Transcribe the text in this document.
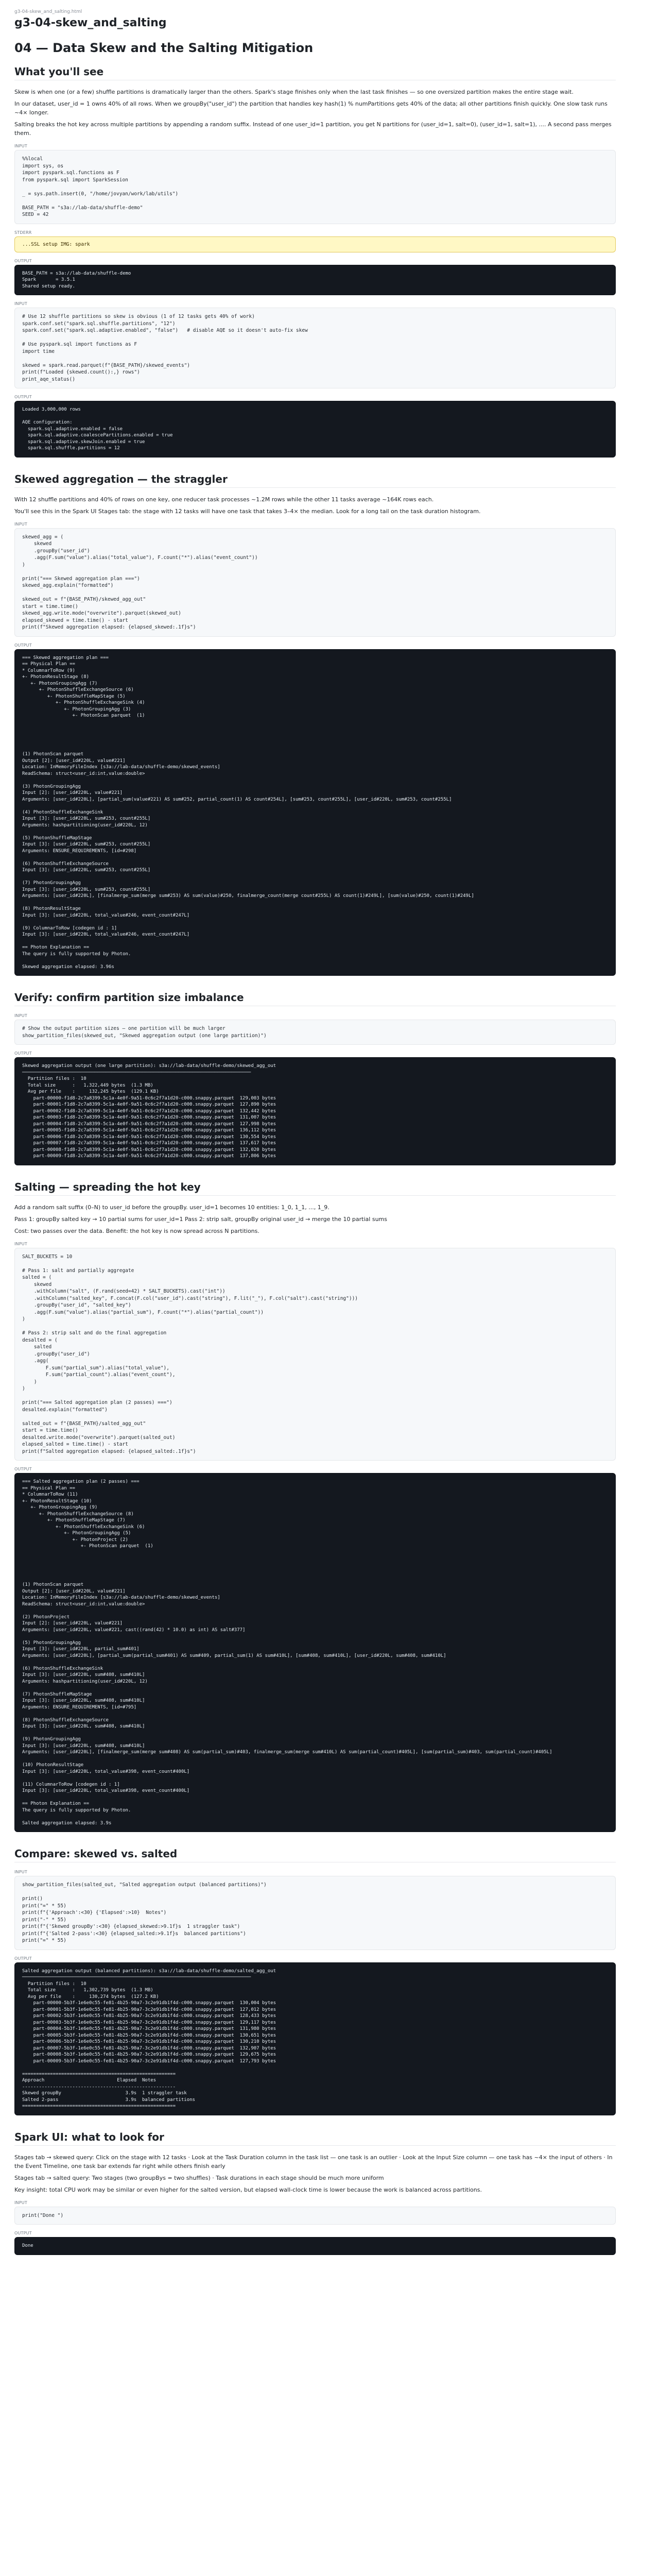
g3-04-skew_and_salting.html
g3-04-skew_and_salting
04 — Data Skew and the Salting Mitigation
What you'll see

Skew is when one (or a few) shuffle partitions is dramatically larger than the others. Spark's stage finishes only when the last task finishes — so one oversized partition makes the entire stage wait.

In our dataset, user_id = 1 owns 40% of all rows. When we groupBy("user_id") the partition that handles key hash(1) % numPartitions gets 40% of the data; all other partitions finish quickly. One slow task runs ~4× longer.

Salting breaks the hot key across multiple partitions by appending a random suffix. Instead of one user_id=1 partition, you get N partitions for (user_id=1, salt=0), (user_id=1, salt=1), .... A second pass merges them.

INPUT
%%local
import sys, os
import pyspark.sql.functions as F
from pyspark.sql import SparkSession

_ = sys.path.insert(0, "/home/jovyan/work/lab/utils")

BASE_PATH = "s3a://lab-data/shuffle-demo"
SEED = 42
STDERR
...SSL setup IMG: spark
OUTPUT
BASE_PATH = s3a://lab-data/shuffle-demo
Spark       = 3.5.1
Shared setup ready.
INPUT
# Use 12 shuffle partitions so skew is obvious (1 of 12 tasks gets 40% of work)
spark.conf.set("spark.sql.shuffle.partitions", "12")
spark.conf.set("spark.sql.adaptive.enabled", "false")   # disable AQE so it doesn't auto-fix skew

# Use pyspark.sql import functions as F
import time

skewed = spark.read.parquet(f"{BASE_PATH}/skewed_events")
print(f"Loaded {skewed.count():,} rows")
print_aqe_status()
OUTPUT
Loaded 3,000,000 rows

AQE configuration:
spark.sql.adaptive.enabled = false
spark.sql.adaptive.coalescePartitions.enabled = true
spark.sql.adaptive.skewJoin.enabled = true
spark.sql.shuffle.partitions = 12
Skewed aggregation — the straggler

With 12 shuffle partitions and 40% of rows on one key, one reducer task processes ~1.2M rows while the other 11 tasks average ~164K rows each.

You'll see this in the Spark UI Stages tab: the stage with 12 tasks will have one task that takes 3–4× the median. Look for a long tail on the task duration histogram.

INPUT
skewed_agg = (
skewed
.groupBy("user_id")
.agg(F.sum("value").alias("total_value"), F.count("*").alias("event_count"))
)

print("=== Skewed aggregation plan ===")
skewed_agg.explain("formatted")

skewed_out = f"{BASE_PATH}/skewed_agg_out"
start = time.time()
skewed_agg.write.mode("overwrite").parquet(skewed_out)
elapsed_skewed = time.time() - start
print(f"Skewed aggregation elapsed: {elapsed_skewed:.1f}s")
OUTPUT
=== Skewed aggregation plan ===
== Physical Plan ==
* ColumnarToRow (9)
+- PhotonResultStage (8)
+- PhotonGroupingAgg (7)
+- PhotonShuffleExchangeSource (6)
+- PhotonShuffleMapStage (5)
+- PhotonShuffleExchangeSink (4)
+- PhotonGroupingAgg (3)
+- PhotonScan parquet  (1)

(1) PhotonScan parquet
Output [2]: [user_id#220L, value#221]
Location: InMemoryFileIndex [s3a://lab-data/shuffle-demo/skewed_events]
ReadSchema: struct<user_id:int,value:double>

(3) PhotonGroupingAgg
Input [2]: [user_id#220L, value#221]
Arguments: [user_id#220L], [partial_sum(value#221) AS sum#252, partial_count(1) AS count#254L], [sum#253, count#255L], [user_id#220L, sum#253, count#255L]

(4) PhotonShuffleExchangeSink
Input [3]: [user_id#220L, sum#253, count#255L]
Arguments: hashpartitioning(user_id#220L, 12)

(5) PhotonShuffleMapStage
Input [3]: [user_id#220L, sum#253, count#255L]
Arguments: ENSURE_REQUIREMENTS, [id=#298]

(6) PhotonShuffleExchangeSource
Input [3]: [user_id#220L, sum#253, count#255L]

(7) PhotonGroupingAgg
Input [3]: [user_id#220L, sum#253, count#255L]
Arguments: [user_id#220L], [finalmerge_sum(merge sum#253) AS sum(value)#250, finalmerge_count(merge count#255L) AS count(1)#249L], [sum(value)#250, count(1)#249L]

(8) PhotonResultStage
Input [3]: [user_id#220L, total_value#246, event_count#247L]

(9) ColumnarToRow [codegen id : 1]
Input [3]: [user_id#220L, total_value#246, event_count#247L]

== Photon Explanation ==
The query is fully supported by Photon.

Skewed aggregation elapsed: 3.96s
Verify: confirm partition size imbalance
INPUT
# Show the output partition sizes — one partition will be much larger
show_partition_files(skewed_out, "Skewed aggregation output (one large partition)")
OUTPUT
Skewed aggregation output (one large partition): s3a://lab-data/shuffle-demo/skewed_agg_out
──────────────────────────────────────────────────────────────────────────────────
Partition files :  10
Total size      :   1,322,449 bytes  (1.3 MB)
Avg per file    :     132,245 bytes  (129.1 KB)
part-00000-f1d8-2c7a8399-5c1a-4e0f-9a51-0c6c2f7a1d20-c000.snappy.parquet  129,003 bytes
part-00001-f1d8-2c7a8399-5c1a-4e0f-9a51-0c6c2f7a1d20-c000.snappy.parquet  127,890 bytes
part-00002-f1d8-2c7a8399-5c1a-4e0f-9a51-0c6c2f7a1d20-c000.snappy.parquet  132,442 bytes
part-00003-f1d8-2c7a8399-5c1a-4e0f-9a51-0c6c2f7a1d20-c000.snappy.parquet  131,007 bytes
part-00004-f1d8-2c7a8399-5c1a-4e0f-9a51-0c6c2f7a1d20-c000.snappy.parquet  127,998 bytes
part-00005-f1d8-2c7a8399-5c1a-4e0f-9a51-0c6c2f7a1d20-c000.snappy.parquet  136,112 bytes
part-00006-f1d8-2c7a8399-5c1a-4e0f-9a51-0c6c2f7a1d20-c000.snappy.parquet  130,554 bytes
part-00007-f1d8-2c7a8399-5c1a-4e0f-9a51-0c6c2f7a1d20-c000.snappy.parquet  137,617 bytes
part-00008-f1d8-2c7a8399-5c1a-4e0f-9a51-0c6c2f7a1d20-c000.snappy.parquet  132,020 bytes
part-00009-f1d8-2c7a8399-5c1a-4e0f-9a51-0c6c2f7a1d20-c000.snappy.parquet  137,806 bytes
Salting — spreading the hot key

Add a random salt suffix (0–N) to user_id before the groupBy. user_id=1 becomes 10 entities: 1_0, 1_1, ..., 1_9.

Pass 1: groupBy salted key → 10 partial sums for user_id=1 Pass 2: strip salt, groupBy original user_id → merge the 10 partial sums

Cost: two passes over the data. Benefit: the hot key is now spread across N partitions.

INPUT
SALT_BUCKETS = 10

# Pass 1: salt and partially aggregate
salted = (
skewed
.withColumn("salt", (F.rand(seed=42) * SALT_BUCKETS).cast("int"))
.withColumn("salted_key", F.concat(F.col("user_id").cast("string"), F.lit("_"), F.col("salt").cast("string")))
.groupBy("user_id", "salted_key")
.agg(F.sum("value").alias("partial_sum"), F.count("*").alias("partial_count"))
)

# Pass 2: strip salt and do the final aggregation
desalted = (
salted
.groupBy("user_id")
.agg(
F.sum("partial_sum").alias("total_value"),
F.sum("partial_count").alias("event_count"),
)
)

print("=== Salted aggregation plan (2 passes) ===")
desalted.explain("formatted")

salted_out = f"{BASE_PATH}/salted_agg_out"
start = time.time()
desalted.write.mode("overwrite").parquet(salted_out)
elapsed_salted = time.time() - start
print(f"Salted aggregation elapsed: {elapsed_salted:.1f}s")
OUTPUT
=== Salted aggregation plan (2 passes) ===
== Physical Plan ==
* ColumnarToRow (11)
+- PhotonResultStage (10)
+- PhotonGroupingAgg (9)
+- PhotonShuffleExchangeSource (8)
+- PhotonShuffleMapStage (7)
+- PhotonShuffleExchangeSink (6)
+- PhotonGroupingAgg (5)
+- PhotonProject (2)
+- PhotonScan parquet  (1)

(1) PhotonScan parquet
Output [2]: [user_id#220L, value#221]
Location: InMemoryFileIndex [s3a://lab-data/shuffle-demo/skewed_events]
ReadSchema: struct<user_id:int,value:double>

(2) PhotonProject
Input [2]: [user_id#220L, value#221]
Arguments: [user_id#220L, value#221, cast((rand(42) * 10.0) as int) AS salt#377]

(5) PhotonGroupingAgg
Input [3]: [user_id#220L, partial_sum#401]
Arguments: [user_id#220L], [partial_sum(partial_sum#401) AS sum#409, partial_sum(1) AS sum#410L], [sum#408, sum#410L], [user_id#220L, sum#408, sum#410L]

(6) PhotonShuffleExchangeSink
Input [3]: [user_id#220L, sum#408, sum#410L]
Arguments: hashpartitioning(user_id#220L, 12)

(7) PhotonShuffleMapStage
Input [3]: [user_id#220L, sum#408, sum#410L]
Arguments: ENSURE_REQUIREMENTS, [id=#795]

(8) PhotonShuffleExchangeSource
Input [3]: [user_id#220L, sum#408, sum#410L]

(9) PhotonGroupingAgg
Input [3]: [user_id#220L, sum#408, sum#410L]
Arguments: [user_id#220L], [finalmerge_sum(merge sum#408) AS sum(partial_sum)#403, finalmerge_sum(merge sum#410L) AS sum(partial_count)#405L], [sum(partial_sum)#403, sum(partial_count)#405L]

(10) PhotonResultStage
Input [3]: [user_id#220L, total_value#398, event_count#400L]

(11) ColumnarToRow [codegen id : 1]
Input [3]: [user_id#220L, total_value#398, event_count#400L]

== Photon Explanation ==
The query is fully supported by Photon.

Salted aggregation elapsed: 3.9s
Compare: skewed vs. salted
INPUT
show_partition_files(salted_out, "Salted aggregation output (balanced partitions)")

print()
print("=" * 55)
print(f"{'Approach':<30} {'Elapsed':>10}  Notes")
print("-" * 55)
print(f"{'Skewed groupBy':<30} {elapsed_skewed:>9.1f}s  1 straggler task")
print(f"{'Salted 2-pass':<30} {elapsed_salted:>9.1f}s  balanced partitions")
print("=" * 55)
OUTPUT
Salted aggregation output (balanced partitions): s3a://lab-data/shuffle-demo/salted_agg_out
──────────────────────────────────────────────────────────────────────────────────
Partition files :  10
Total size      :   1,302,739 bytes  (1.3 MB)
Avg per file    :     130,274 bytes  (127.2 KB)
part-00000-5b3f-1e6e0c55-fe81-4b25-90a7-3c2e91db1f4d-c000.snappy.parquet  130,004 bytes
part-00001-5b3f-1e6e0c55-fe81-4b25-90a7-3c2e91db1f4d-c000.snappy.parquet  127,012 bytes
part-00002-5b3f-1e6e0c55-fe81-4b25-90a7-3c2e91db1f4d-c000.snappy.parquet  128,433 bytes
part-00003-5b3f-1e6e0c55-fe81-4b25-90a7-3c2e91db1f4d-c000.snappy.parquet  129,117 bytes
part-00004-5b3f-1e6e0c55-fe81-4b25-90a7-3c2e91db1f4d-c000.snappy.parquet  131,980 bytes
part-00005-5b3f-1e6e0c55-fe81-4b25-90a7-3c2e91db1f4d-c000.snappy.parquet  130,651 bytes
part-00006-5b3f-1e6e0c55-fe81-4b25-90a7-3c2e91db1f4d-c000.snappy.parquet  130,210 bytes
part-00007-5b3f-1e6e0c55-fe81-4b25-90a7-3c2e91db1f4d-c000.snappy.parquet  132,907 bytes
part-00008-5b3f-1e6e0c55-fe81-4b25-90a7-3c2e91db1f4d-c000.snappy.parquet  129,675 bytes
part-00009-5b3f-1e6e0c55-fe81-4b25-90a7-3c2e91db1f4d-c000.snappy.parquet  127,793 bytes

=======================================================
Approach                          Elapsed  Notes
-------------------------------------------------------
Skewed groupBy                       3.9s  1 straggler task
Salted 2-pass                        3.9s  balanced partitions
=======================================================
Spark UI: what to look for

Stages tab → skewed query: Click on the stage with 12 tasks · Look at the Task Duration column in the task list — one task is an outlier · Look at the Input Size column — one task has ~4× the input of others · In the Event Timeline, one task bar extends far right while others finish early

Stages tab → salted query: Two stages (two groupBys = two shuffles) · Task durations in each stage should be much more uniform

Key insight: total CPU work may be similar or even higher for the salted version, but elapsed wall-clock time is lower because the work is balanced across partitions.

INPUT
print("Done ")
OUTPUT
Done
